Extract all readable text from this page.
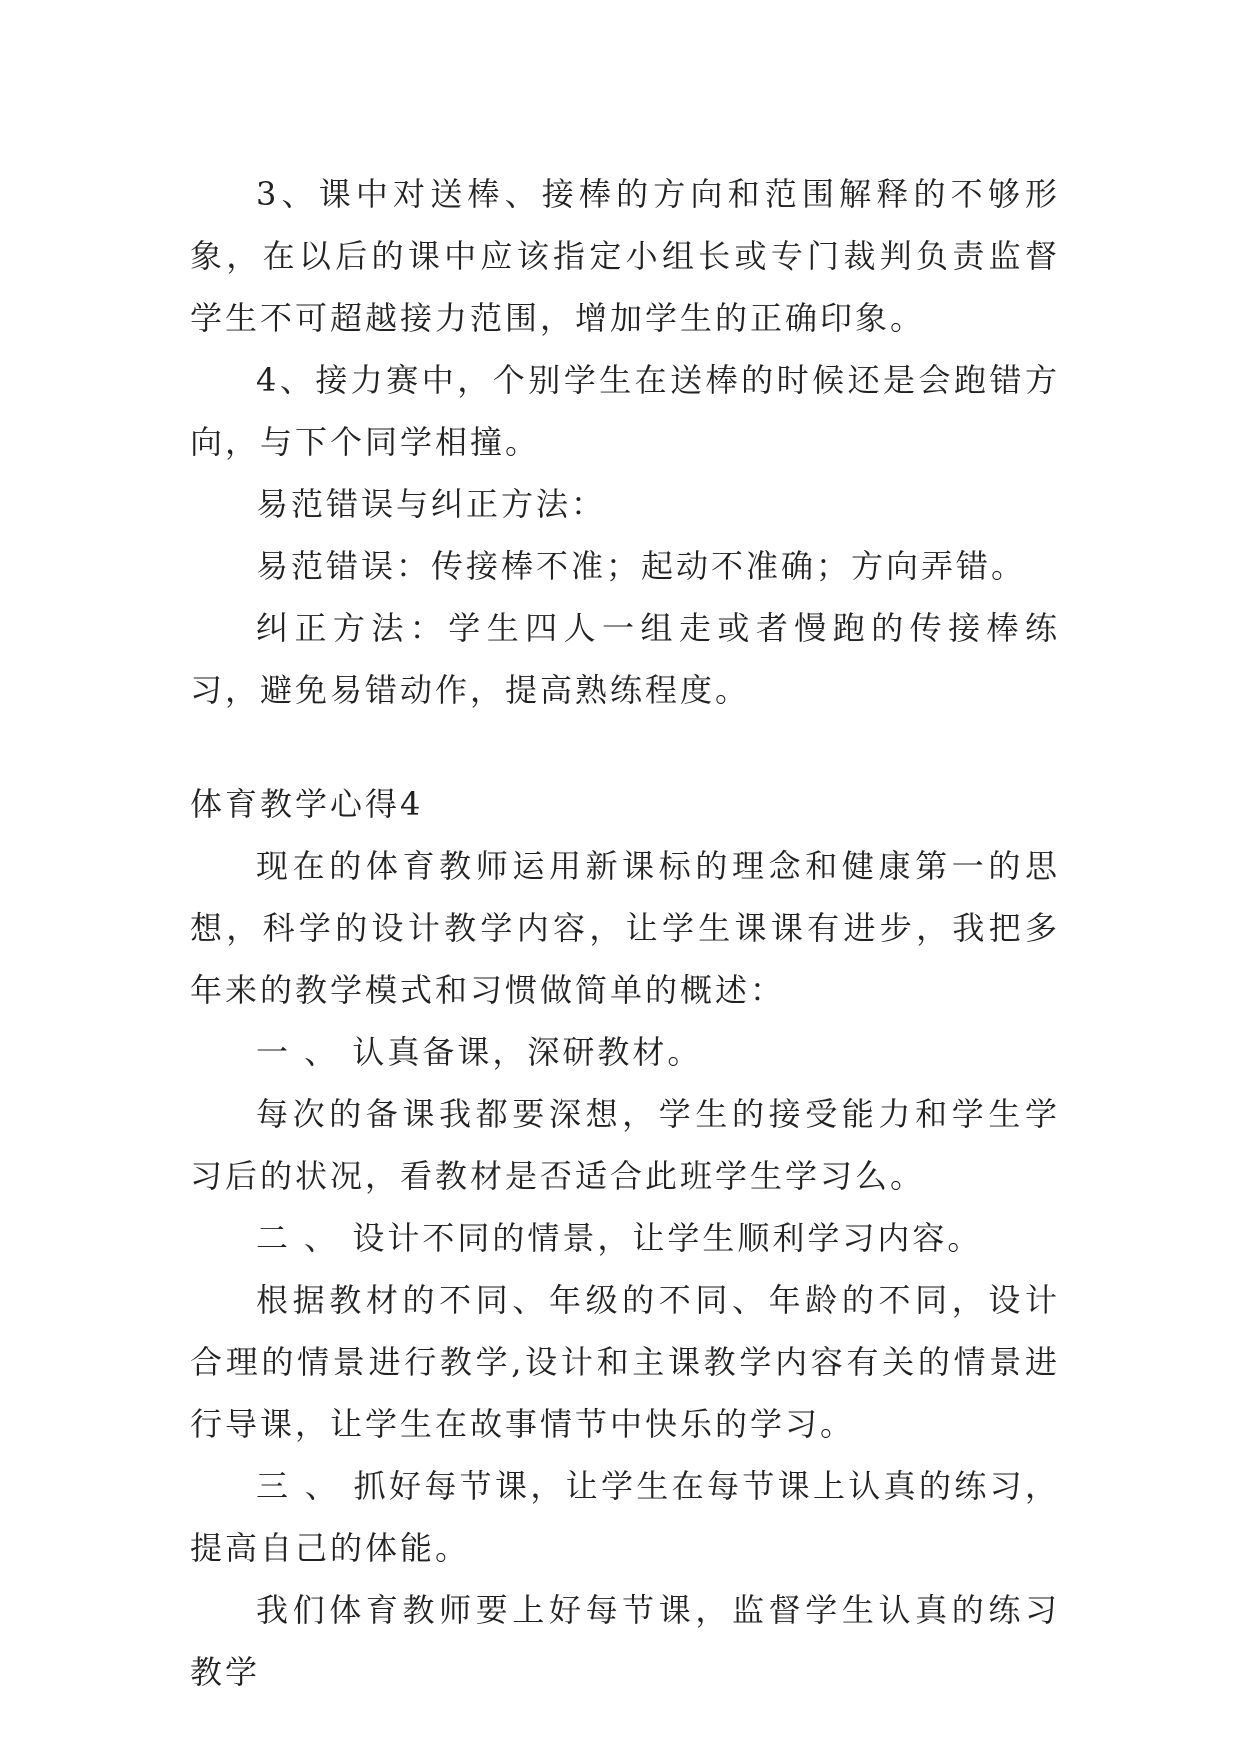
3、课中对送棒、接棒的方向和范围解释的不够形象，在以后的课中应该指定小组长或专门裁判负责监督学生不可超越接力范围，增加学生的正确印象。

4、接力赛中，个别学生在送棒的时候还是会跑错方向，与下个同学相撞。

易范错误与纠正方法：

易范错误：传接棒不准；起动不准确；方向弄错。

纠正方法：学生四人一组走或者慢跑的传接棒练习，避免易错动作，提高熟练程度。

体育教学心得4

现在的体育教师运用新课标的理念和健康第一的思想，科学的设计教学内容，让学生课课有进步，我把多年来的教学模式和习惯做简单的概述：

一 、 认真备课，深研教材。

每次的备课我都要深想，学生的接受能力和学生学习后的状况，看教材是否适合此班学生学习么。

二 、 设计不同的情景，让学生顺利学习内容。

根据教材的不同、年级的不同、年龄的不同，设计合理的情景进行教学,设计和主课教学内容有关的情景进行导课，让学生在故事情节中快乐的学习。

三 、 抓好每节课，让学生在每节课上认真的练习，提高自己的体能。

我们体育教师要上好每节课，监督学生认真的练习教学
